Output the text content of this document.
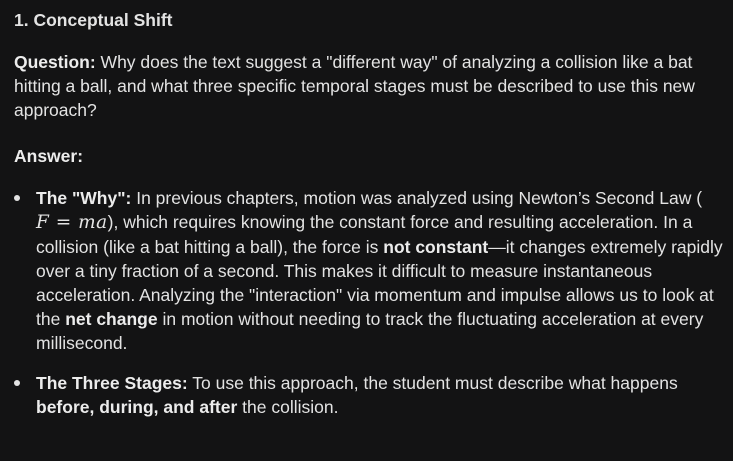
1. Conceptual Shift

Question: Why does the text suggest a "different way" of analyzing a collision like a bat hitting a ball, and what three specific temporal stages must be described to use this new approach?

Answer:

The "Why": In previous chapters, motion was analyzed using Newton’s Second Law (
F = ma), which requires knowing the constant force and resulting acceleration. In a collision (like a bat hitting a ball), the force is not constant—it changes extremely rapidly over a tiny fraction of a second. This makes it difficult to measure instantaneous acceleration. Analyzing the "interaction" via momentum and impulse allows us to look at the net change in motion without needing to track the fluctuating acceleration at every millisecond.
The Three Stages: To use this approach, the student must describe what happens
before, during, and after the collision.
